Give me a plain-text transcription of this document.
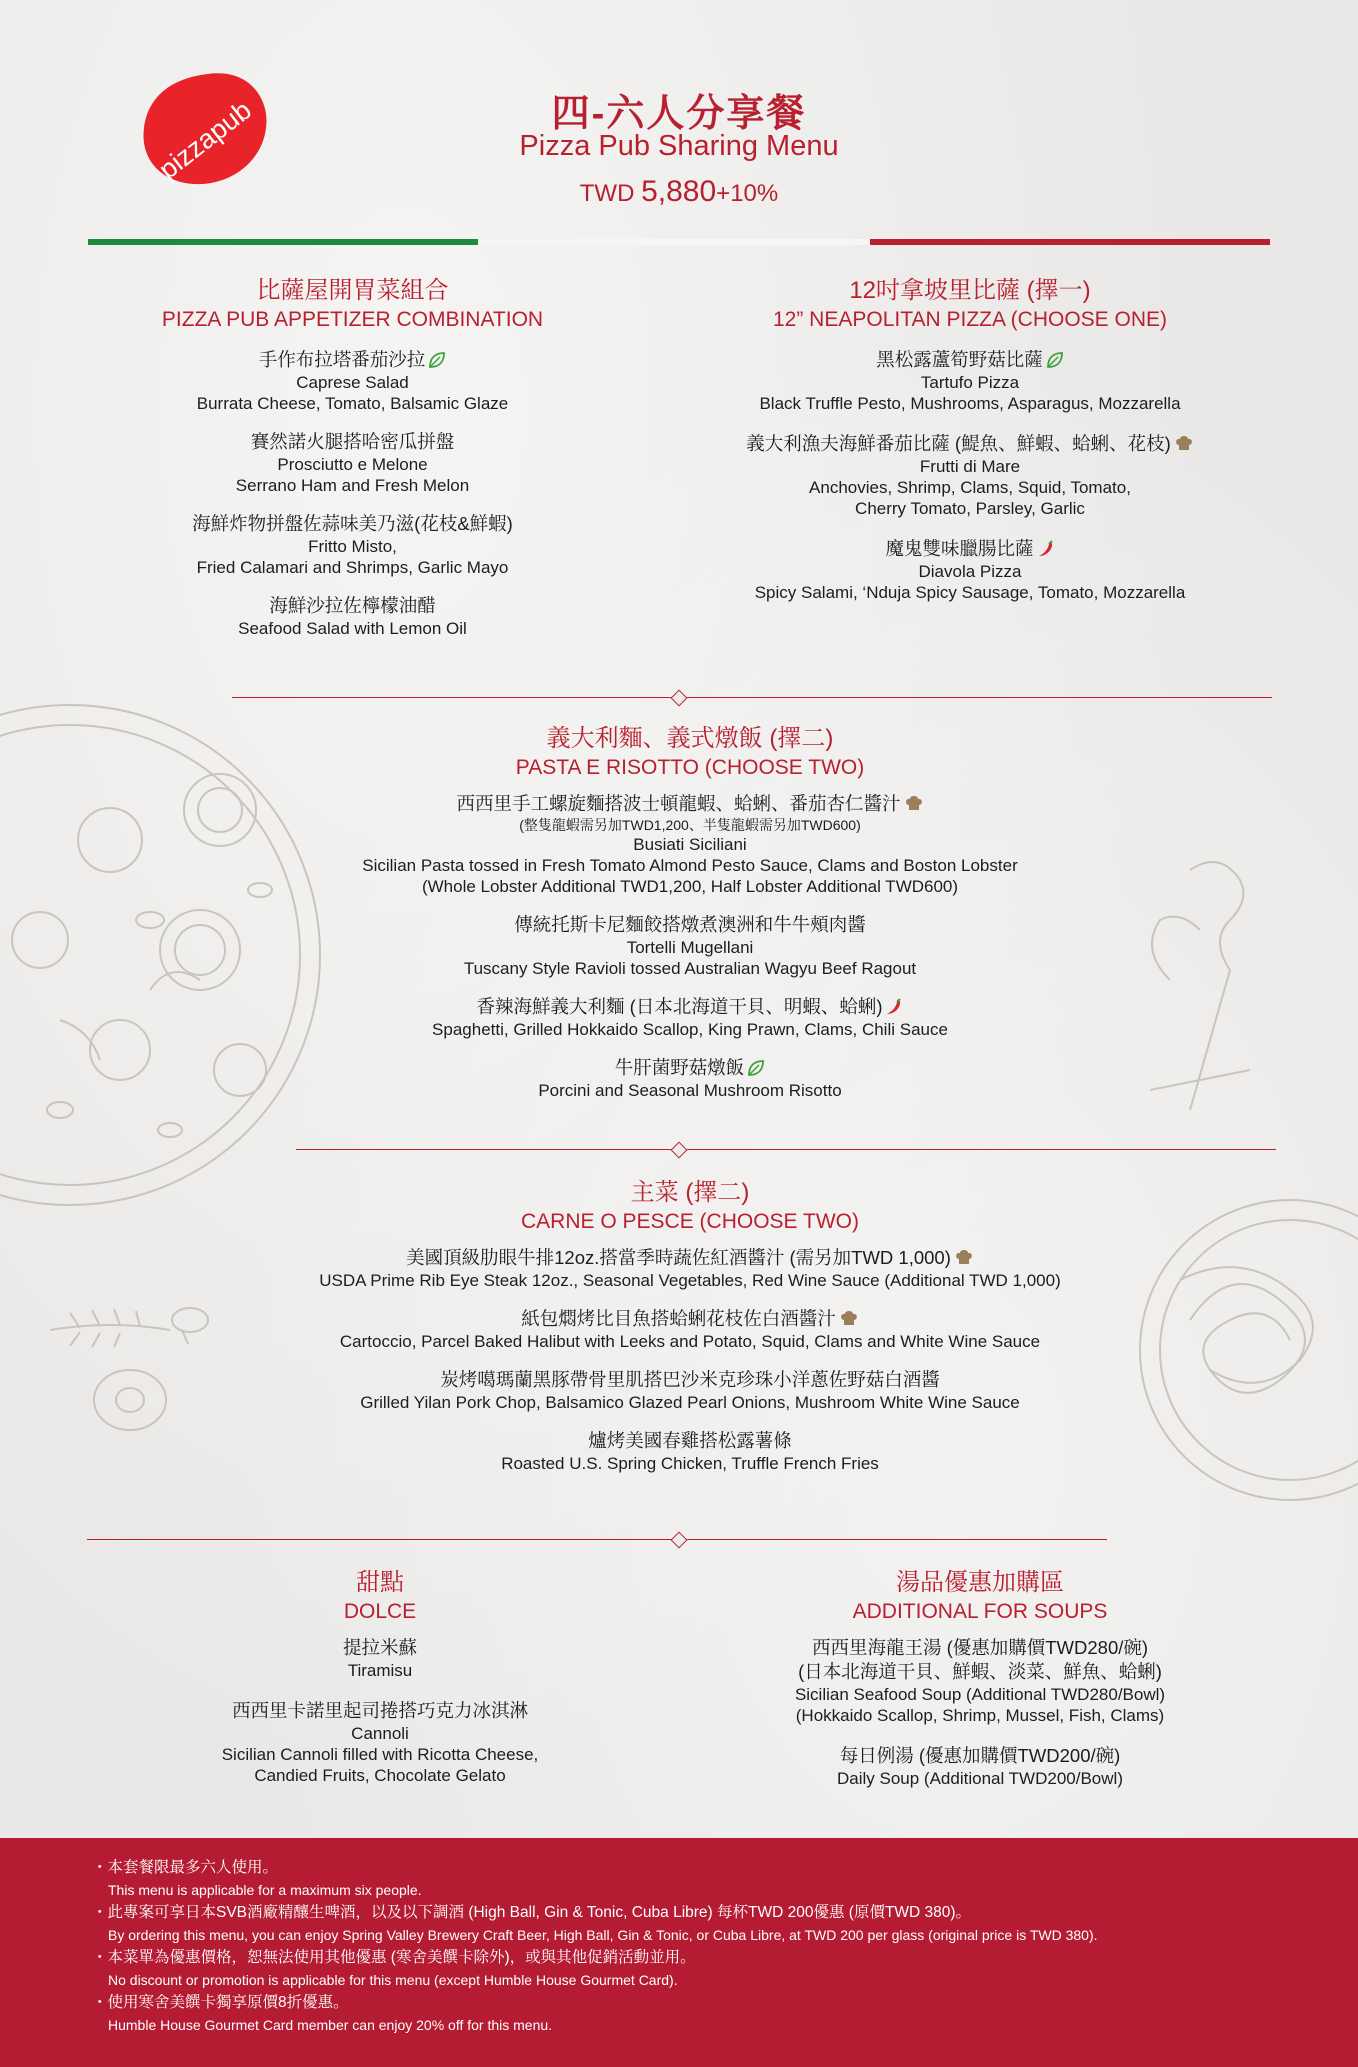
pizzapub	四-六人分享餐
Pizza Pub Sharing Menu
TWD 5,880+10%
比薩屋開胃菜組合
PIZZA PUB APPETIZER COMBINATION
手作布拉塔番茄沙拉
Caprese Salad
Burrata Cheese, Tomato, Balsamic Glaze
賽然諾火腿搭哈密瓜拼盤
Prosciutto e Melone
Serrano Ham and Fresh Melon
海鮮炸物拼盤佐蒜味美乃滋(花枝&鮮蝦)
Fritto Misto,
Fried Calamari and Shrimps, Garlic Mayo
海鮮沙拉佐檸檬油醋
Seafood Salad with Lemon Oil
12吋拿坡里比薩 (擇一)
12” NEAPOLITAN PIZZA (CHOOSE ONE)
黑松露蘆筍野菇比薩
Tartufo Pizza
Black Truffle Pesto, Mushrooms, Asparagus, Mozzarella
義大利漁夫海鮮番茄比薩 (鯷魚、鮮蝦、蛤蜊、花枝)
Frutti di Mare
Anchovies, Shrimp, Clams, Squid, Tomato,
Cherry Tomato, Parsley, Garlic
魔鬼雙味臘腸比薩
Diavola Pizza
Spicy Salami, ‘Nduja Spicy Sausage, Tomato, Mozzarella
義大利麵、義式燉飯 (擇二)
PASTA E RISOTTO (CHOOSE TWO)
西西里手工螺旋麵搭波士頓龍蝦、蛤蜊、番茄杏仁醬汁
(整隻龍蝦需另加TWD1,200、半隻龍蝦需另加TWD600)
Busiati Siciliani
Sicilian Pasta tossed in Fresh Tomato Almond Pesto Sauce, Clams and Boston Lobster
(Whole Lobster Additional TWD1,200, Half Lobster Additional TWD600)
傳統托斯卡尼麵餃搭燉煮澳洲和牛牛頰肉醬
Tortelli Mugellani
Tuscany Style Ravioli tossed Australian Wagyu Beef Ragout
香辣海鮮義大利麵 (日本北海道干貝、明蝦、蛤蜊)
Spaghetti, Grilled Hokkaido Scallop, King Prawn, Clams, Chili Sauce
牛肝菌野菇燉飯
Porcini and Seasonal Mushroom Risotto
主菜 (擇二)
CARNE O PESCE (CHOOSE TWO)
美國頂級肋眼牛排12oz.搭當季時蔬佐紅酒醬汁 (需另加TWD 1,000)
USDA Prime Rib Eye Steak 12oz., Seasonal Vegetables, Red Wine Sauce (Additional TWD 1,000)
紙包燜烤比目魚搭蛤蜊花枝佐白酒醬汁
Cartoccio, Parcel Baked Halibut with Leeks and Potato, Squid, Clams and White Wine Sauce
炭烤噶瑪蘭黑豚帶骨里肌搭巴沙米克珍珠小洋蔥佐野菇白酒醬
Grilled Yilan Pork Chop, Balsamico Glazed Pearl Onions, Mushroom White Wine Sauce
爐烤美國春雞搭松露薯條
Roasted U.S. Spring Chicken, Truffle French Fries
甜點
DOLCE
提拉米蘇
Tiramisu
西西里卡諾里起司捲搭巧克力冰淇淋
Cannoli
Sicilian Cannoli filled with Ricotta Cheese,
Candied Fruits, Chocolate Gelato
湯品優惠加購區
ADDITIONAL FOR SOUPS
西西里海龍王湯 (優惠加購價TWD280/碗)
(日本北海道干貝、鮮蝦、淡菜、鮮魚、蛤蜊)
Sicilian Seafood Soup (Additional TWD280/Bowl)
(Hokkaido Scallop, Shrimp, Mussel, Fish, Clams)
每日例湯 (優惠加購價TWD200/碗)
Daily Soup (Additional TWD200/Bowl)
・本套餐限最多六人使用。
This menu is applicable for a maximum six people.
・此專案可享日本SVB酒廠精釀生啤酒，以及以下調酒 (High Ball, Gin & Tonic, Cuba Libre) 每杯TWD 200優惠 (原價TWD 380)。
By ordering this menu, you can enjoy Spring Valley Brewery Craft Beer, High Ball, Gin & Tonic, or Cuba Libre, at TWD 200 per glass (original price is TWD 380).
・本菜單為優惠價格，恕無法使用其他優惠 (寒舍美饌卡除外)，或與其他促銷活動並用。
No discount or promotion is applicable for this menu (except Humble House Gourmet Card).
・使用寒舍美饌卡獨享原價8折優惠。
Humble House Gourmet Card member can enjoy 20% off for this menu.
